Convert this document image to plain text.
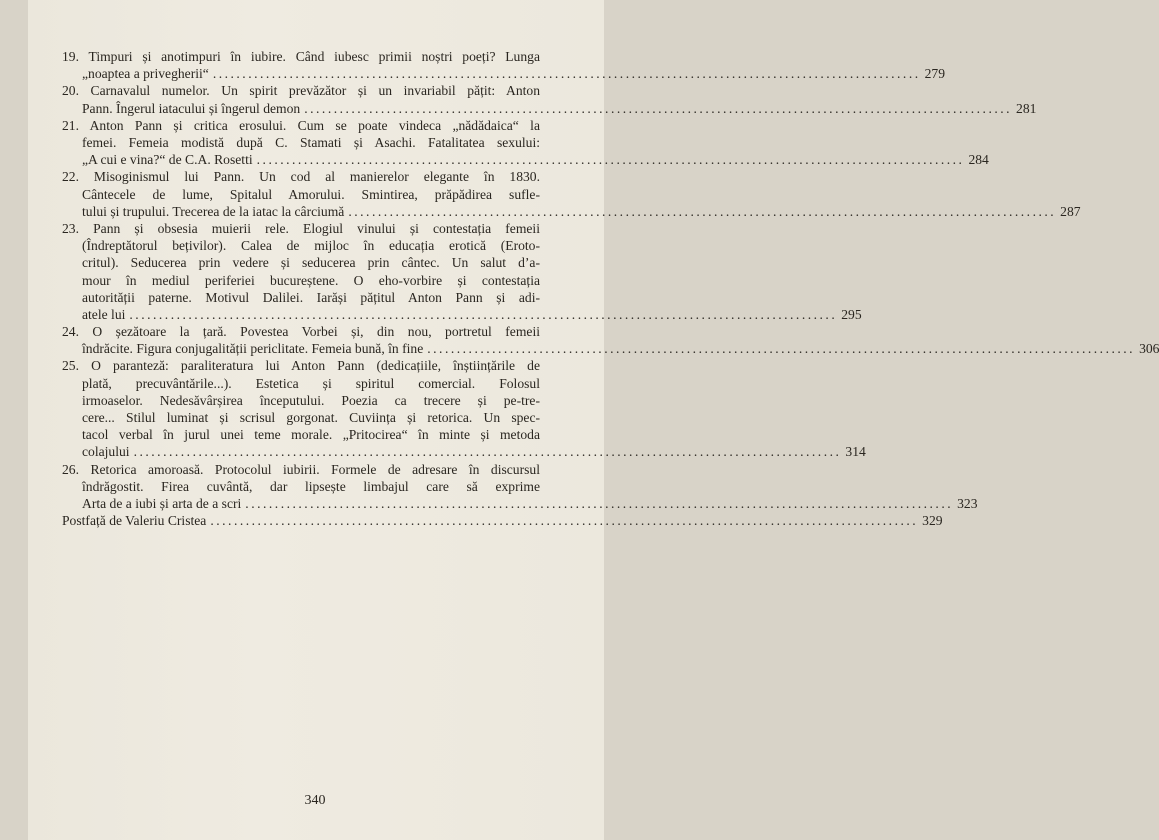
19. Timpuri și anotimpuri în iubire. Când iubesc primii noștri poeți? Lunga
„noaptea a privegherii“ ........................................................................................................................ 279
20. Carnavalul numelor. Un spirit prevăzător și un invariabil pățit: Anton
Pann. Îngerul iatacului și îngerul demon ........................................................................................................................ 281
21. Anton Pann și critica erosului. Cum se poate vindeca „nădădaica“ la
femei. Femeia modistă după C. Stamati și Asachi. Fatalitatea sexului:
„A cui e vina?“ de C.A. Rosetti ........................................................................................................................ 284
22. Misoginismul lui Pann. Un cod al manierelor elegante în 1830.
Cântecele de lume, Spitalul Amorului. Smintirea, prăpădirea sufle-
tului și trupului. Trecerea de la iatac la cârciumă ........................................................................................................................ 287
23. Pann și obsesia muierii rele. Elogiul vinului și contestația femeii
(Îndreptătorul bețivilor). Calea de mijloc în educația erotică (Eroto-
critul). Seducerea prin vedere și seducerea prin cântec. Un salut d’a-
mour în mediul periferiei bucureștene. O eho-vorbire și contestația
autorității paterne. Motivul Dalilei. Iarăși pățitul Anton Pann și adi-
atele lui ........................................................................................................................ 295
24. O șezătoare la țară. Povestea Vorbei și, din nou, portretul femeii
îndrăcite. Figura conjugalității periclitate. Femeia bună, în fine ........................................................................................................................ 306
25. O paranteză: paraliteratura lui Anton Pann (dedicațiile, înștiințările de
plată, precuvântările...). Estetica și spiritul comercial. Folosul
irmoaselor. Nedesăvârșirea începutului. Poezia ca trecere și pe-tre-
cere... Stilul luminat și scrisul gorgonat. Cuviința și retorica. Un spec-
tacol verbal în jurul unei teme morale. „Pritocirea“ în minte și metoda
colajului ........................................................................................................................ 314
26. Retorica amoroasă. Protocolul iubirii. Formele de adresare în discursul
îndrăgostit. Firea cuvântă, dar lipsește limbajul care să exprime
Arta de a iubi și arta de a scri ........................................................................................................................ 323
Postfață de Valeriu Cristea ........................................................................................................................ 329
340
